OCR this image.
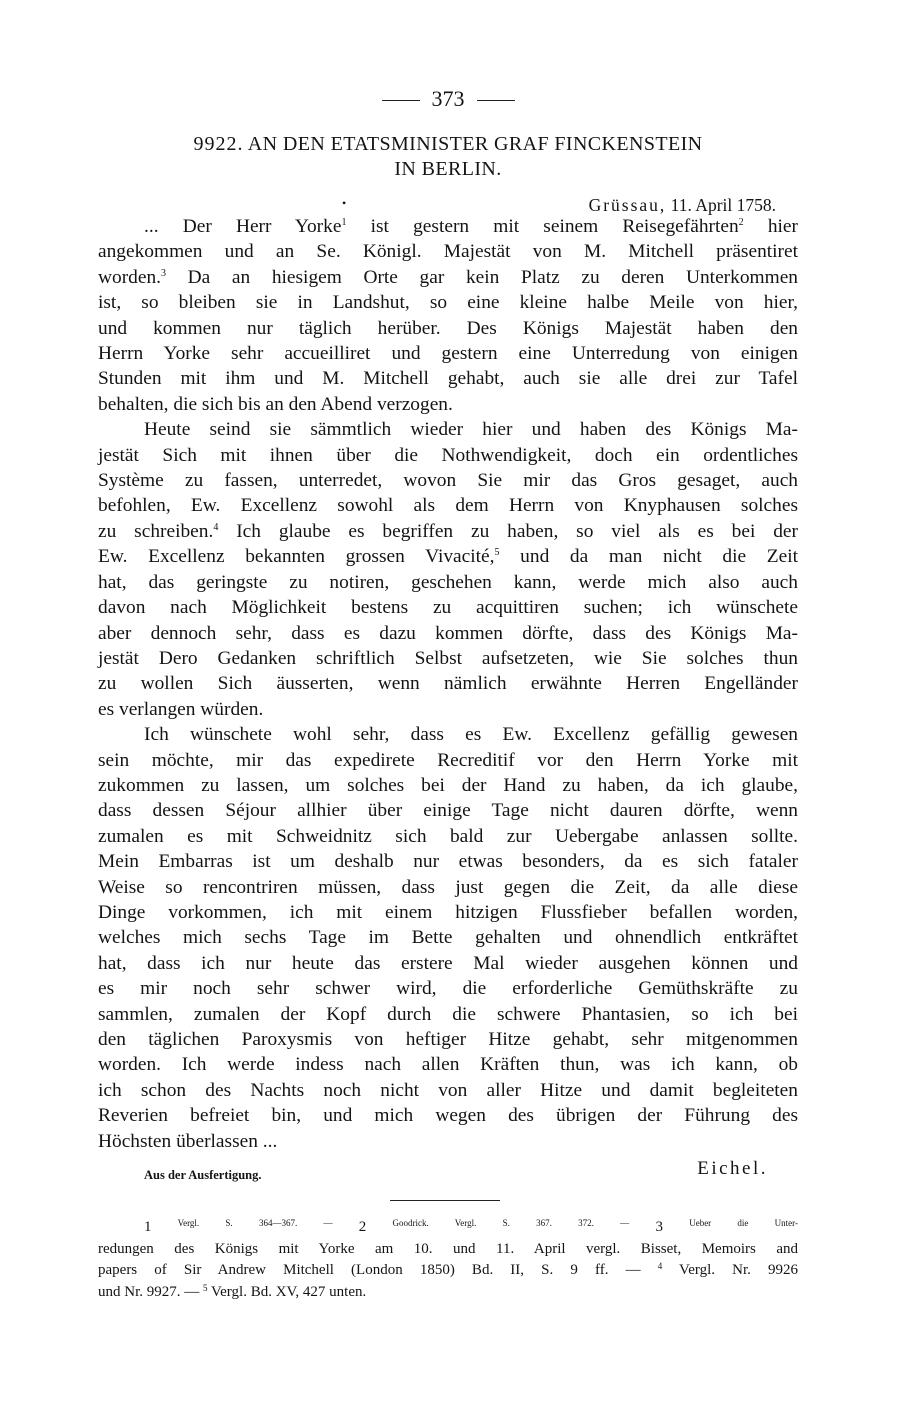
373
9922. AN DEN ETATSMINISTER GRAF FINCKENSTEIN
IN BERLIN.
•	Grüssau, 11. April 1758.

... Der Herr Yorke$^1$ ist gestern mit seinem Reisegefährten$^2$ hier

angekommen und an Se. Königl. Majestät von M. Mitchell präsentiret

worden.$^3$ Da an hiesigem Orte gar kein Platz zu deren Unterkommen

ist, so bleiben sie in Landshut, so eine kleine halbe Meile von hier,

und kommen nur täglich herüber. Des Königs Majestät haben den

Herrn Yorke sehr accueilliret und gestern eine Unterredung von einigen

Stunden mit ihm und M. Mitchell gehabt, auch sie alle drei zur Tafel

behalten, die sich bis an den Abend verzogen.

Heute seind sie sämmtlich wieder hier und haben des Königs Ma-

jestät Sich mit ihnen über die Nothwendigkeit, doch ein ordentliches

Système zu fassen, unterredet, wovon Sie mir das Gros gesaget, auch

befohlen, Ew. Excellenz sowohl als dem Herrn von Knyphausen solches

zu schreiben.$^4$ Ich glaube es begriffen zu haben, so viel als es bei der

Ew. Excellenz bekannten grossen Vivacité,$^5$ und da man nicht die Zeit

hat, das geringste zu notiren, geschehen kann, werde mich also auch

davon nach Möglichkeit bestens zu acquittiren suchen; ich wünschete

aber dennoch sehr, dass es dazu kommen dörfte, dass des Königs Ma-

jestät Dero Gedanken schriftlich Selbst aufsetzeten, wie Sie solches thun

zu wollen Sich äusserten, wenn nämlich erwähnte Herren Engelländer

es verlangen würden.

Ich wünschete wohl sehr, dass es Ew. Excellenz gefällig gewesen

sein möchte, mir das expedirete Recreditif vor den Herrn Yorke mit

zukommen zu lassen, um solches bei der Hand zu haben, da ich glaube,

dass dessen Séjour allhier über einige Tage nicht dauren dörfte, wenn

zumalen es mit Schweidnitz sich bald zur Uebergabe anlassen sollte.

Mein Embarras ist um deshalb nur etwas besonders, da es sich fataler

Weise so rencontriren müssen, dass just gegen die Zeit, da alle diese

Dinge vorkommen, ich mit einem hitzigen Flussfieber befallen worden,

welches mich sechs Tage im Bette gehalten und ohnendlich entkräftet

hat, dass ich nur heute das erstere Mal wieder ausgehen können und

es mir noch sehr schwer wird, die erforderliche Gemüthskräfte zu

sammlen, zumalen der Kopf durch die schwere Phantasien, so ich bei

den täglichen Paroxysmis von heftiger Hitze gehabt, sehr mitgenommen

worden. Ich werde indess nach allen Kräften thun, was ich kann, ob

ich schon des Nachts noch nicht von aller Hitze und damit begleiteten

Reverien befreiet bin, und mich wegen des übrigen der Führung des

Höchsten überlassen ...

Aus der Ausfertigung.	Eichel.

1 $^{Vergl. S. 364—367. —}$ 2 $^{Goodrick. Vergl. S. 367. 372. —}$ 3 $^{Ueber die Unter-}$

redungen des Königs mit Yorke am 10. und 11. April vergl. Bisset, Memoirs and

papers of Sir Andrew Mitchell (London 1850) Bd. II, S. 9 ff. — $^4$ Vergl. Nr. 9926

und Nr. 9927. — $^5$ Vergl. Bd. XV, 427 unten.
